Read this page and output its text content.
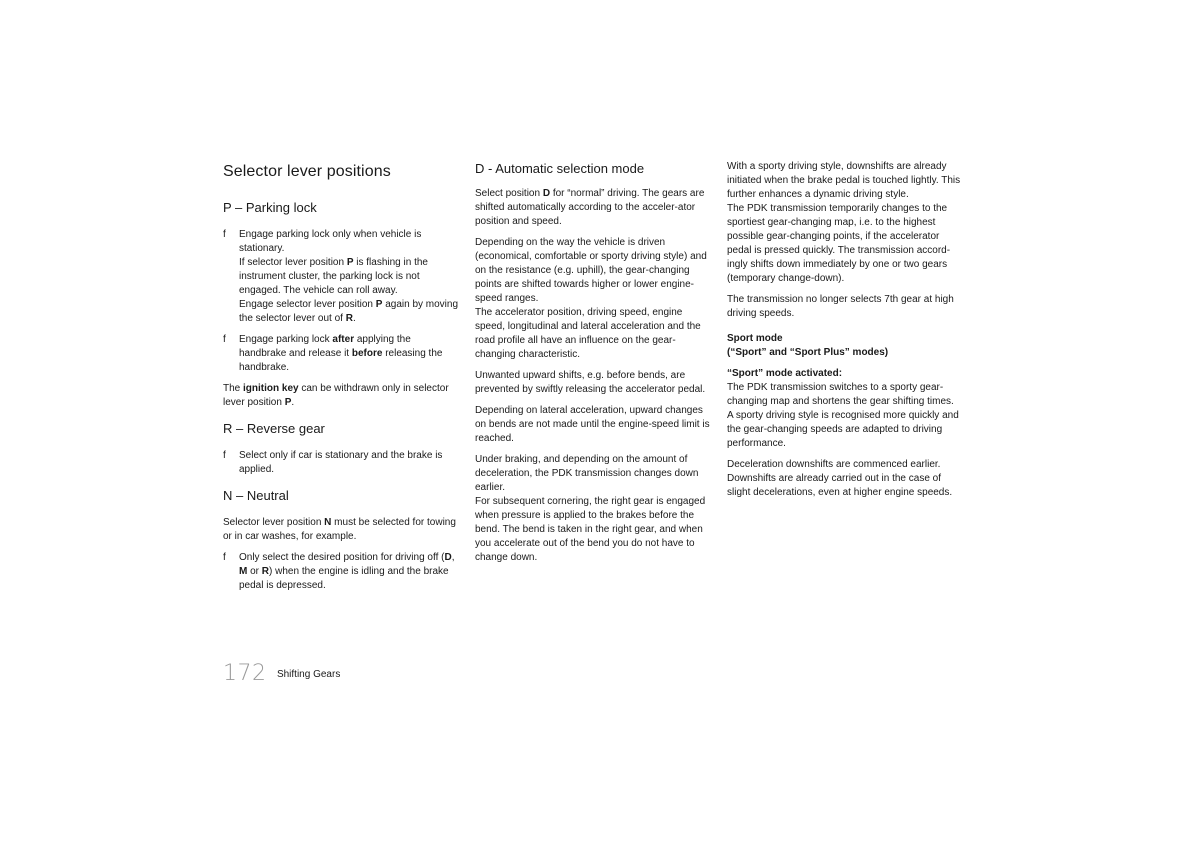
Selector lever positions
P – Parking lock
f Engage parking lock only when vehicle is stationary.

If selector lever position P is flashing in the instrument cluster, the parking lock is not engaged. The vehicle can roll away.

Engage selector lever position P again by moving the selector lever out of R.

f Engage parking lock after applying the handbrake and release it before releasing the handbrake.

The ignition key can be withdrawn only in selector lever position P.

R – Reverse gear
f Select only if car is stationary and the brake is applied.

N – Neutral

Selector lever position N must be selected for towing or in car washes, for example.

f Only select the desired position for driving off (D, M or R) when the engine is idling and the brake pedal is depressed.

D - Automatic selection mode

Select position D for “normal” driving. The gears are shifted automatically according to the acceler-ator position and speed.

Depending on the way the vehicle is driven (economical, comfortable or sporty driving style) and on the resistance (e.g. uphill), the gear-changing points are shifted towards higher or lower engine-speed ranges.

The accelerator position, driving speed, engine speed, longitudinal and lateral acceleration and the road profile all have an influence on the gear-changing characteristic.

Unwanted upward shifts, e.g. before bends, are prevented by swiftly releasing the accelerator pedal.

Depending on lateral acceleration, upward changes on bends are not made until the engine-speed limit is reached.

Under braking, and depending on the amount of deceleration, the PDK transmission changes down earlier.

For subsequent cornering, the right gear is engaged when pressure is applied to the brakes before the bend. The bend is taken in the right gear, and when you accelerate out of the bend you do not have to change down.

With a sporty driving style, downshifts are already initiated when the brake pedal is touched lightly. This further enhances a dynamic driving style.

The PDK transmission temporarily changes to the sportiest gear-changing map, i.e. to the highest possible gear-changing points, if the accelerator pedal is pressed quickly. The transmission accord-ingly shifts down immediately by one or two gears (temporary change-down).

The transmission no longer selects 7th gear at high driving speeds.

Sport mode

(“Sport” and “Sport Plus” modes)

“Sport” mode activated:

The PDK transmission switches to a sporty gear-changing map and shortens the gear shifting times.

A sporty driving style is recognised more quickly and the gear-changing speeds are adapted to driving performance.

Deceleration downshifts are commenced earlier. Downshifts are already carried out in the case of slight decelerations, even at higher engine speeds.

172 Shifting Gears
